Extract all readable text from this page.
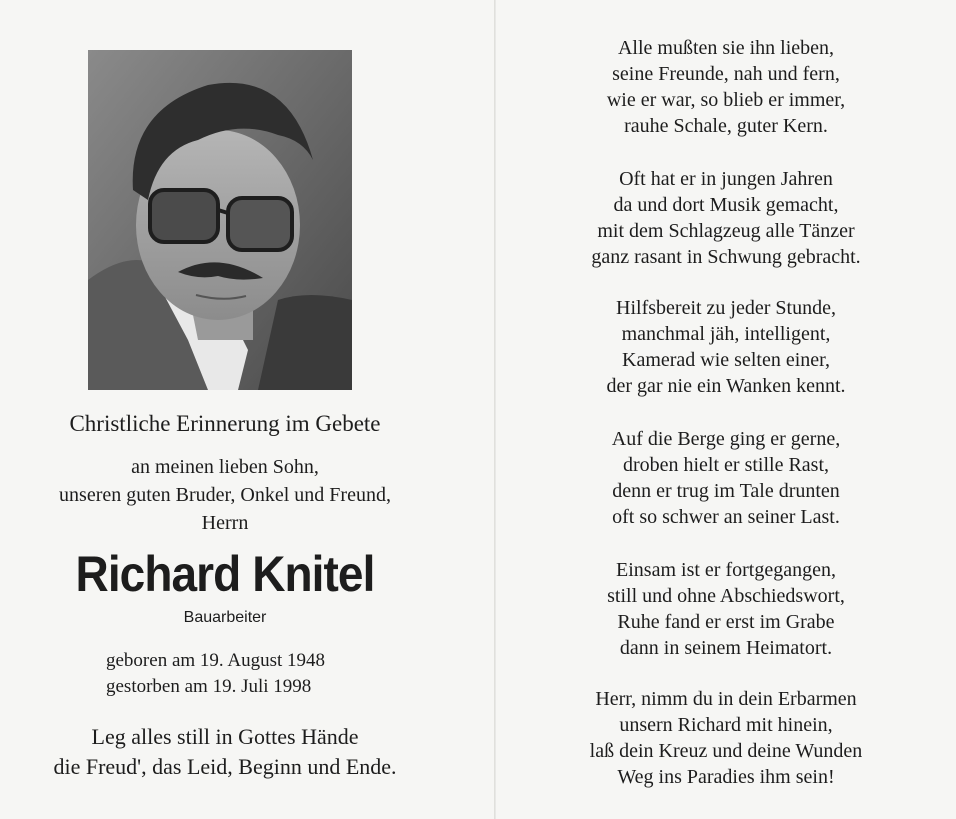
Christliche Erinnerung im Gebete
an meinen lieben Sohn,
unseren guten Bruder, Onkel und Freund,
Herrn
Richard Knitel
Bauarbeiter
geboren am 19. August 1948
gestorben am 19. Juli 1998
Leg alles still in Gottes Hände
die Freud', das Leid, Beginn und Ende.
Alle mußten sie ihn lieben,
seine Freunde, nah und fern,
wie er war, so blieb er immer,
rauhe Schale, guter Kern.
Oft hat er in jungen Jahren
da und dort Musik gemacht,
mit dem Schlagzeug alle Tänzer
ganz rasant in Schwung gebracht.
Hilfsbereit zu jeder Stunde,
manchmal jäh, intelligent,
Kamerad wie selten einer,
der gar nie ein Wanken kennt.
Auf die Berge ging er gerne,
droben hielt er stille Rast,
denn er trug im Tale drunten
oft so schwer an seiner Last.
Einsam ist er fortgegangen,
still und ohne Abschiedswort,
Ruhe fand er erst im Grabe
dann in seinem Heimatort.
Herr, nimm du in dein Erbarmen
unsern Richard mit hinein,
laß dein Kreuz und deine Wunden
Weg ins Paradies ihm sein!
